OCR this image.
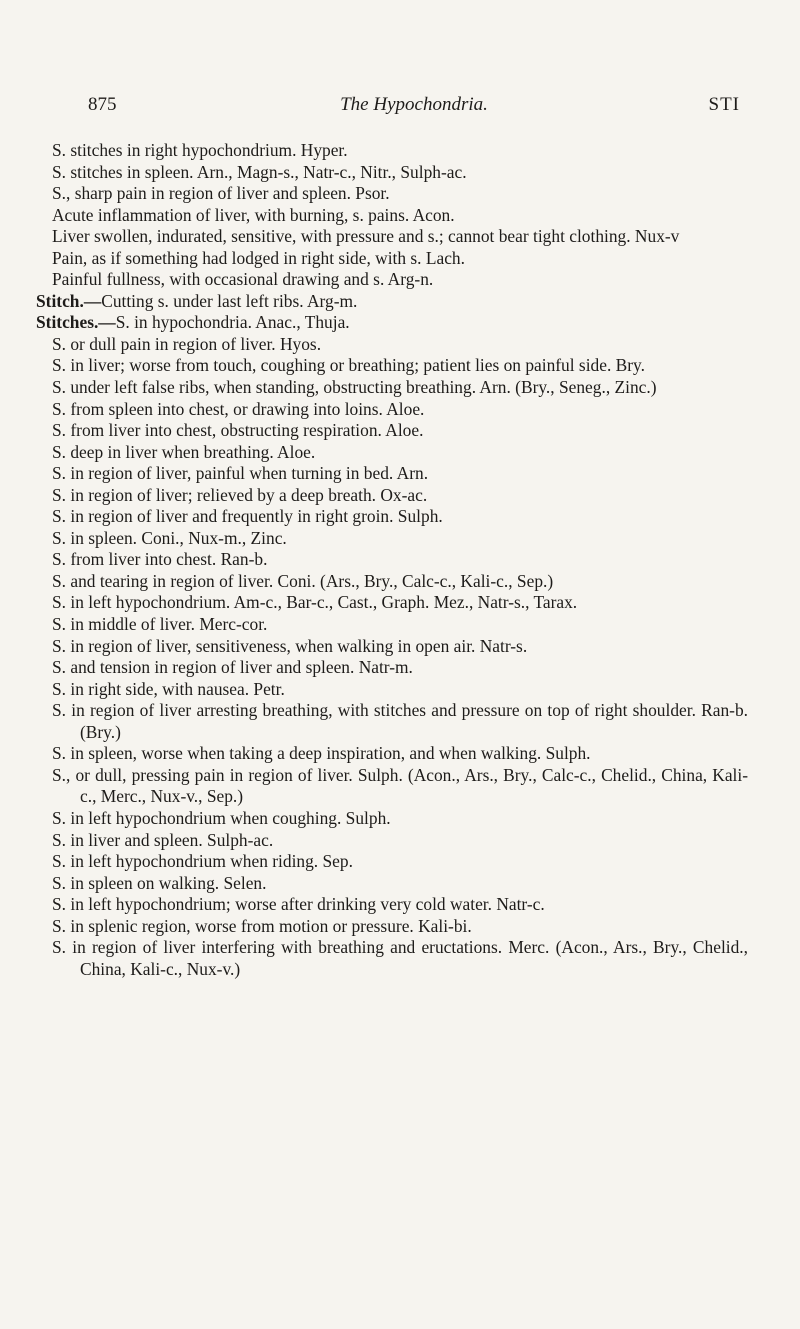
875	The Hypochondria.	STI
S. stitches in right hypochondrium. Hyper.
S. stitches in spleen. Arn., Magn-s., Natr-c., Nitr., Sulph-ac.
S., sharp pain in region of liver and spleen. Psor.
Acute inflammation of liver, with burning, s. pains. Acon.
Liver swollen, indurated, sensitive, with pressure and s.; cannot bear tight clothing. Nux-v
Pain, as if something had lodged in right side, with s. Lach.
Painful fullness, with occasional drawing and s. Arg-n.
Stitch.—Cutting s. under last left ribs. Arg-m.
Stitches.—S. in hypochondria. Anac., Thuja.
S. or dull pain in region of liver. Hyos.
S. in liver; worse from touch, coughing or breathing; patient lies on painful side. Bry.
S. under left false ribs, when standing, obstructing breathing. Arn. (Bry., Seneg., Zinc.)
S. from spleen into chest, or drawing into loins. Aloe.
S. from liver into chest, obstructing respiration. Aloe.
S. deep in liver when breathing. Aloe.
S. in region of liver, painful when turning in bed. Arn.
S. in region of liver; relieved by a deep breath. Ox-ac.
S. in region of liver and frequently in right groin. Sulph.
S. in spleen. Coni., Nux-m., Zinc.
S. from liver into chest. Ran-b.
S. and tearing in region of liver. Coni. (Ars., Bry., Calc-c., Kali-c., Sep.)
S. in left hypochondrium. Am-c., Bar-c., Cast., Graph. Mez., Natr-s., Tarax.
S. in middle of liver. Merc-cor.
S. in region of liver, sensitiveness, when walking in open air. Natr-s.
S. and tension in region of liver and spleen. Natr-m.
S. in right side, with nausea. Petr.
S. in region of liver arresting breathing, with stitches and pressure on top of right shoulder. Ran-b. (Bry.)
S. in spleen, worse when taking a deep inspiration, and when walking. Sulph.
S., or dull, pressing pain in region of liver. Sulph. (Acon., Ars., Bry., Calc-c., Chelid., China, Kali-c., Merc., Nux-v., Sep.)
S. in left hypochondrium when coughing. Sulph.
S. in liver and spleen. Sulph-ac.
S. in left hypochondrium when riding. Sep.
S. in spleen on walking. Selen.
S. in left hypochondrium; worse after drinking very cold water. Natr-c.
S. in splenic region, worse from motion or pressure. Kali-bi.
S. in region of liver interfering with breathing and eructations. Merc. (Acon., Ars., Bry., Chelid., China, Kali-c., Nux-v.)
